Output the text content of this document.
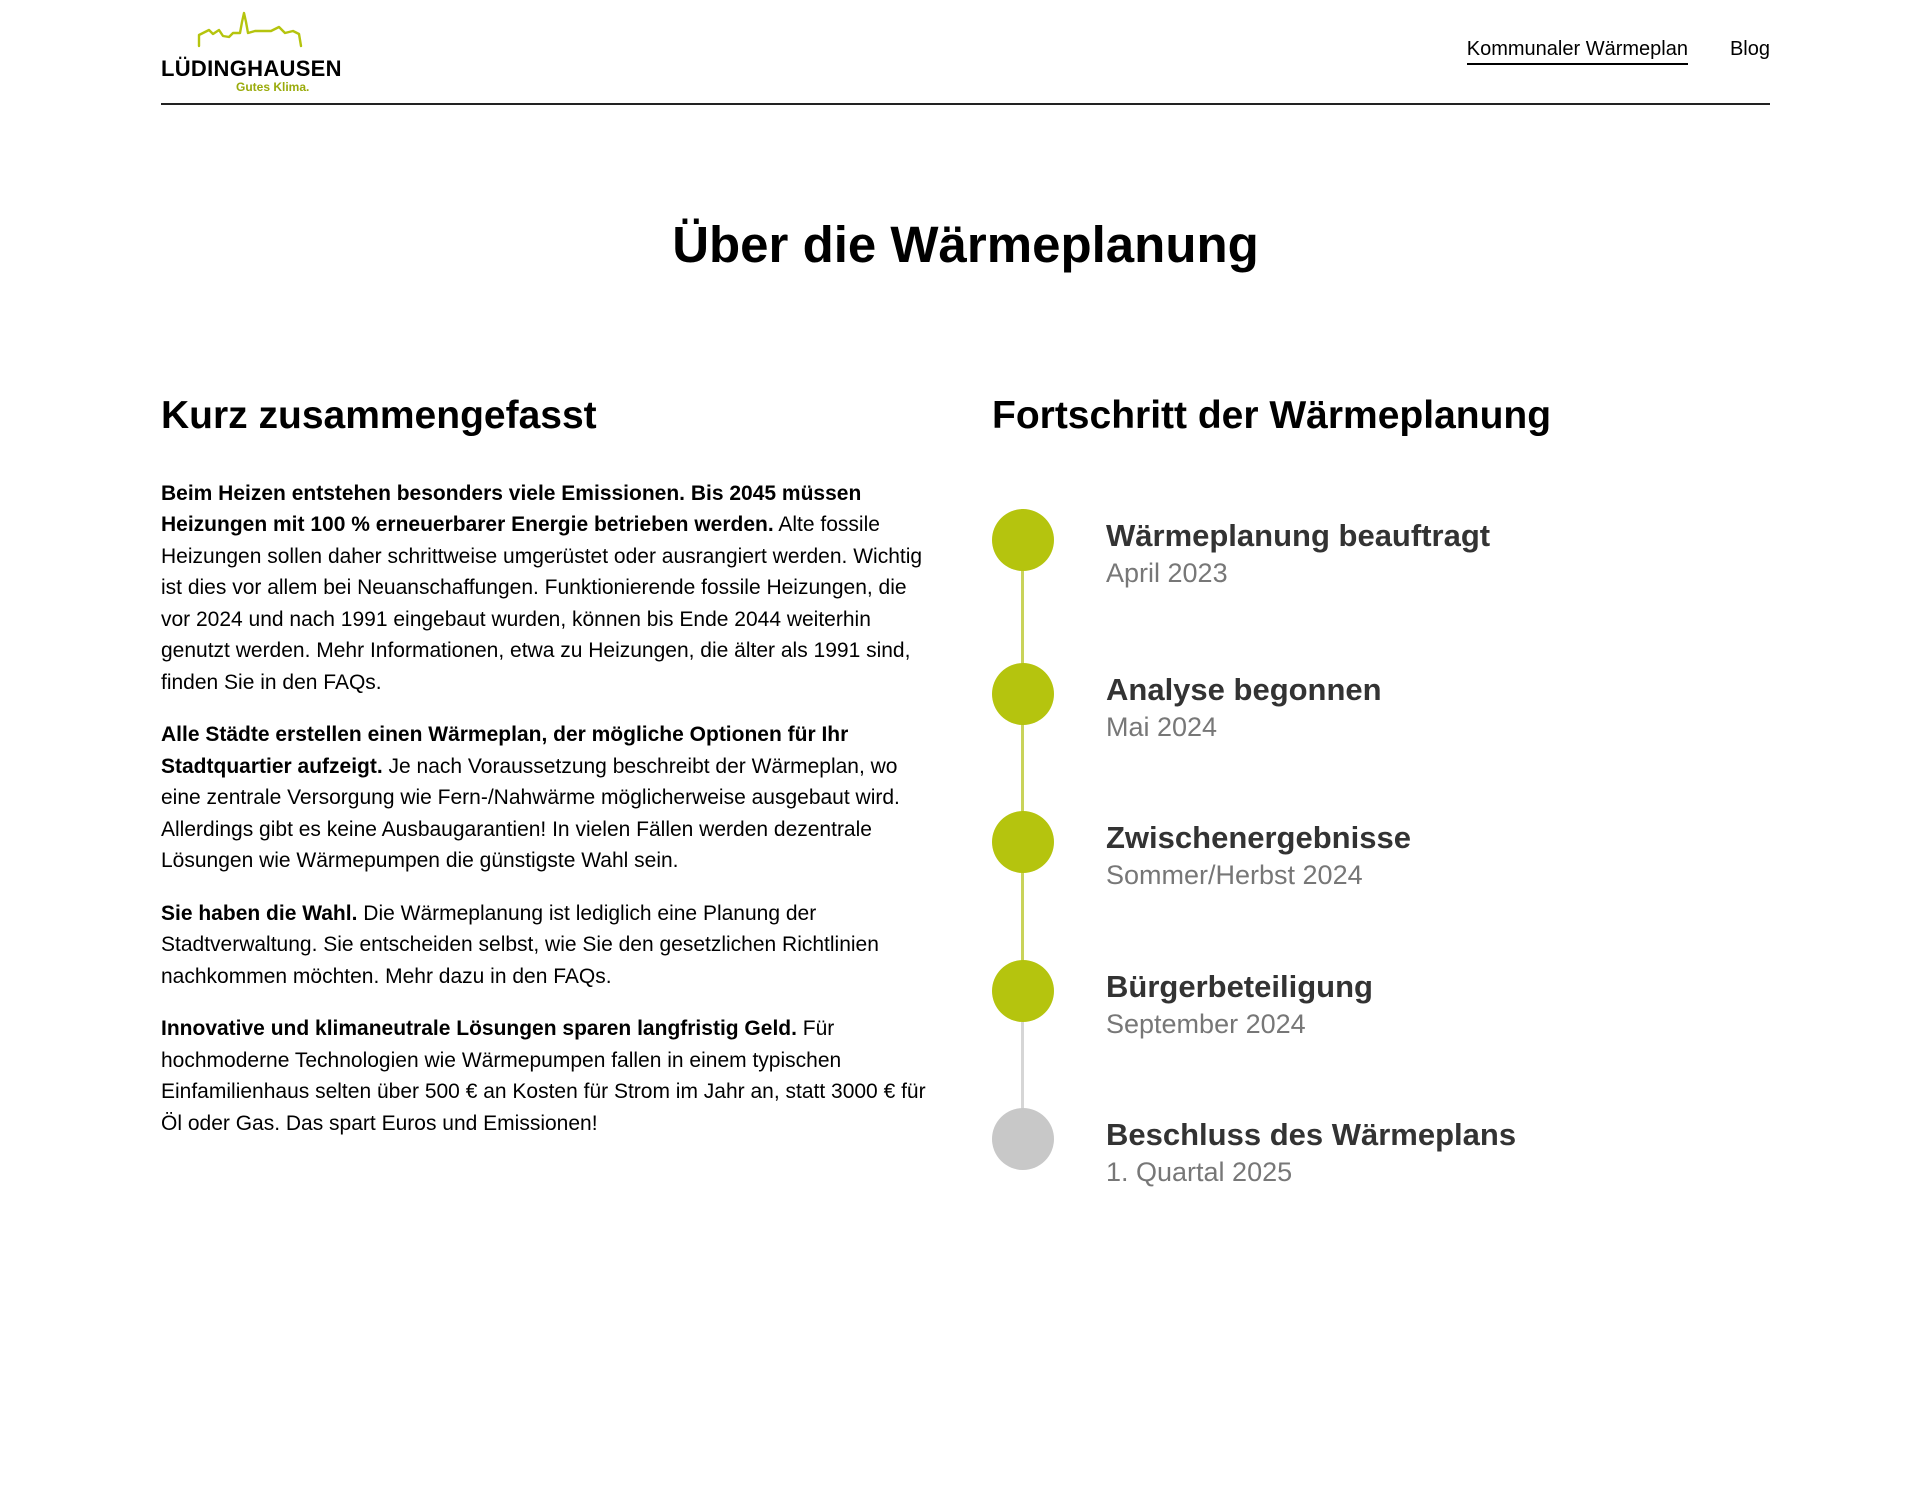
LÜDINGHAUSEN
Gutes Klima.
Kommunaler Wärmeplan Blog
Über die Wärmeplanung
Kurz zusammengefasst

Beim Heizen entstehen besonders viele Emissionen. Bis 2045 müssen Heizungen mit 100 % erneuerbarer Energie betrieben werden. Alte fossile Heizungen sollen daher schrittweise umgerüstet oder ausrangiert werden. Wichtig ist dies vor allem bei Neuanschaffungen. Funktionierende fossile Heizungen, die vor 2024 und nach 1991 eingebaut wurden, können bis Ende 2044 weiterhin genutzt werden. Mehr Informationen, etwa zu Heizungen, die älter als 1991 sind, finden Sie in den FAQs.

Alle Städte erstellen einen Wärmeplan, der mögliche Optionen für Ihr Stadtquartier aufzeigt. Je nach Voraussetzung beschreibt der Wärmeplan, wo eine zentrale Versorgung wie Fern-/Nahwärme möglicherweise ausgebaut wird. Allerdings gibt es keine Ausbaugarantien! In vielen Fällen werden dezentrale Lösungen wie Wärmepumpen die günstigste Wahl sein.

Sie haben die Wahl. Die Wärmeplanung ist lediglich eine Planung der Stadtverwaltung. Sie entscheiden selbst, wie Sie den gesetzlichen Richtlinien nachkommen möchten. Mehr dazu in den FAQs.

Innovative und klimaneutrale Lösungen sparen langfristig Geld. Für hochmoderne Technologien wie Wärmepumpen fallen in einem typischen Einfamilienhaus selten über 500 € an Kosten für Strom im Jahr an, statt 3000 € für Öl oder Gas. Das spart Euros und Emissionen!

Fortschritt der Wärmeplanung
Wärmeplanung beauftragt
April 2023
Analyse begonnen
Mai 2024
Zwischenergebnisse
Sommer/Herbst 2024
Bürgerbeteiligung
September 2024
Beschluss des Wärmeplans
1. Quartal 2025
